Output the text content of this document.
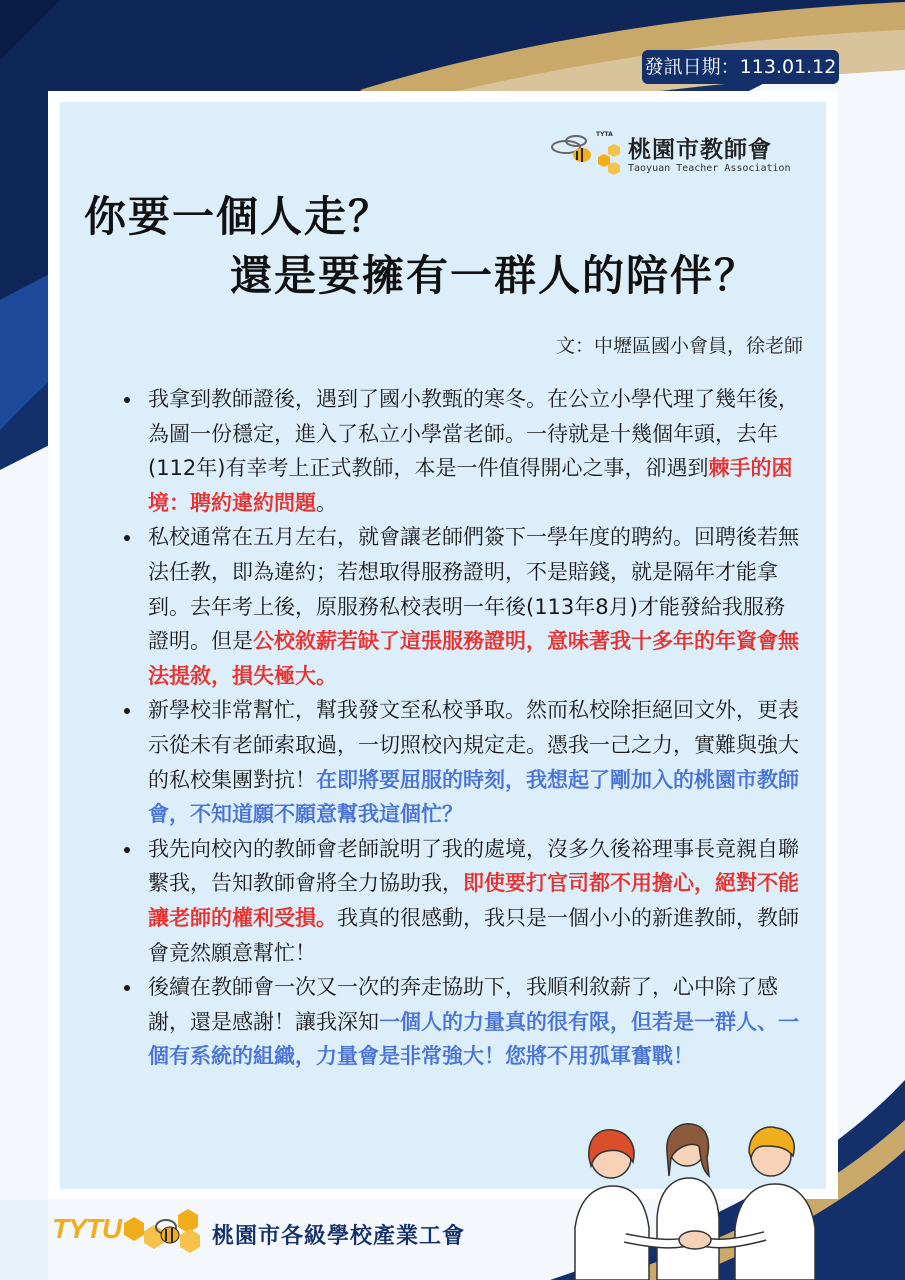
發訊日期：113.01.12
TYTA
桃園市教師會
Taoyuan Teacher Association
你要一個人走？
還是要擁有一群人的陪伴？
文：中壢區國小會員，徐老師
我拿到教師證後，遇到了國小教甄的寒冬。在公立小學代理了幾年後，為圖一份穩定，進入了私立小學當老師。一待就是十幾個年頭，去年(112年)有幸考上正式教師，本是一件值得開心之事，卻遇到棘手的困境：聘約違約問題。
私校通常在五月左右，就會讓老師們簽下一學年度的聘約。回聘後若無法任教，即為違約；若想取得服務證明，不是賠錢，就是隔年才能拿到。去年考上後，原服務私校表明一年後(113年8月)才能發給我服務證明。但是公校敘薪若缺了這張服務證明，意味著我十多年的年資會無法提敘，損失極大。
新學校非常幫忙，幫我發文至私校爭取。然而私校除拒絕回文外，更表示從未有老師索取過，一切照校內規定走。憑我一己之力，實難與強大的私校集團對抗！在即將要屈服的時刻，我想起了剛加入的桃園市教師會，不知道願不願意幫我這個忙？
我先向校內的教師會老師說明了我的處境，沒多久後裕理事長竟親自聯繫我，告知教師會將全力協助我，即使要打官司都不用擔心，絕對不能讓老師的權利受損。我真的很感動，我只是一個小小的新進教師，教師會竟然願意幫忙！
後續在教師會一次又一次的奔走協助下，我順利敘薪了，心中除了感謝，還是感謝！讓我深知一個人的力量真的很有限，但若是一群人、一個有系統的組織，力量會是非常強大！您將不用孤軍奮戰！
TYTU	桃園市各級學校產業工會
